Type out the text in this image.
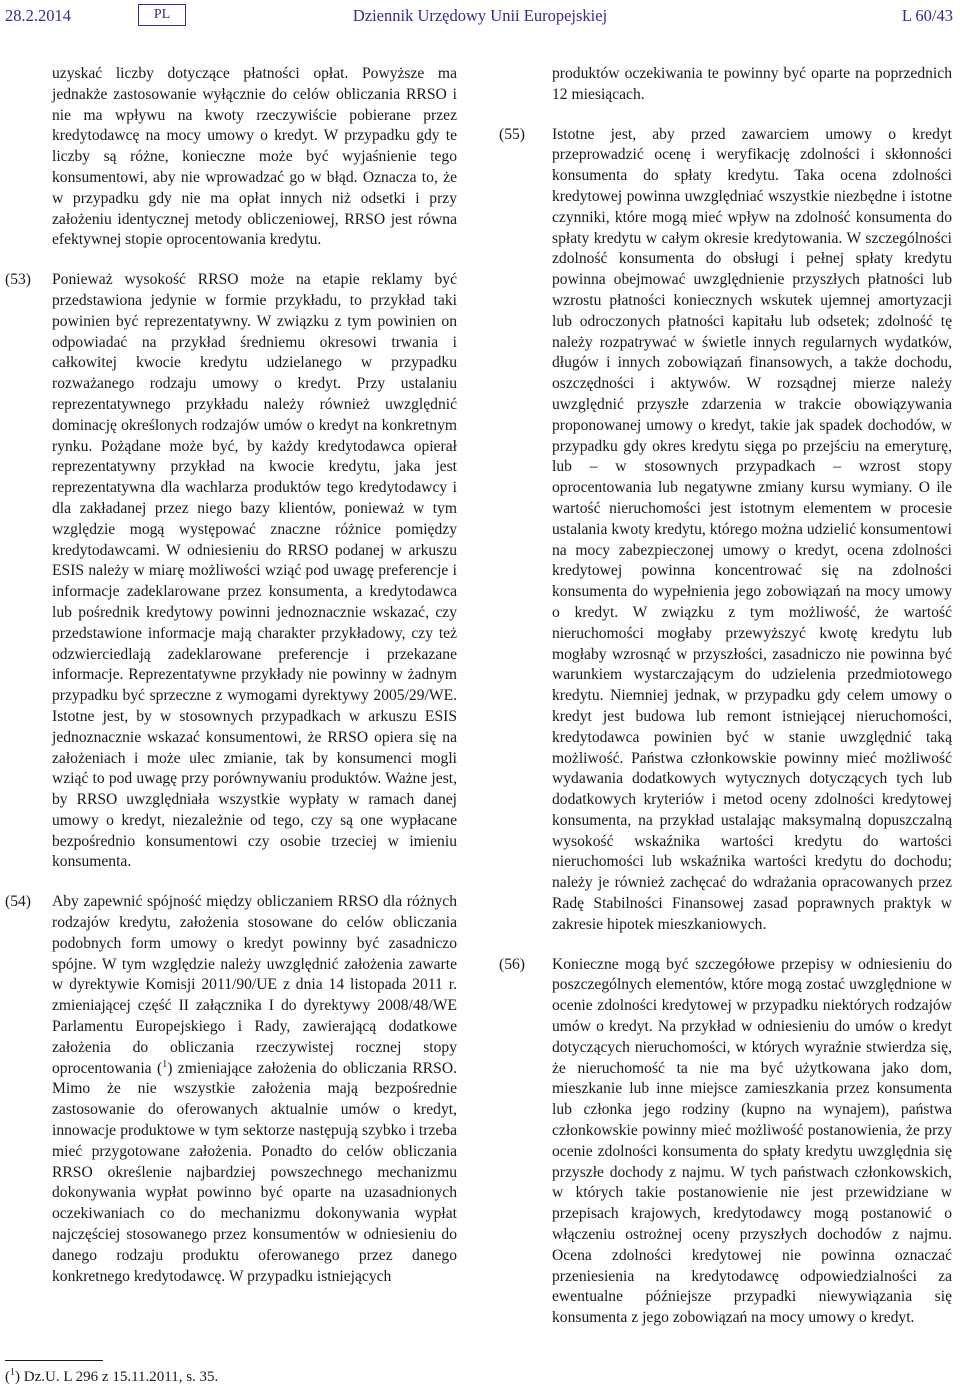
28.2.2014	PL	Dziennik Urzędowy Unii Europejskiej	L 60/43
uzyskać liczby dotyczące płatności opłat. Powyższe ma jednakże zastosowanie wyłącznie do celów obliczania RRSO i nie ma wpływu na kwoty rzeczywiście pobierane przez kredytodawcę na mocy umowy o kredyt. W przypadku gdy te liczby są różne, konieczne może być wyjaśnienie tego konsumentowi, aby nie wprowadzać go w błąd. Oznacza to, że w przypadku gdy nie ma opłat innych niż odsetki i przy założeniu identycznej metody obliczeniowej, RRSO jest równa efektywnej stopie oprocentowania kredytu.
(53) Ponieważ wysokość RRSO może na etapie reklamy być przedstawiona jedynie w formie przykładu, to przykład taki powinien być reprezentatywny. W związku z tym powinien on odpowiadać na przykład średniemu okresowi trwania i całkowitej kwocie kredytu udzielanego w przypadku rozważanego rodzaju umowy o kredyt. Przy ustalaniu reprezentatywnego przykładu należy również uwzględnić dominację określonych rodzajów umów o kredyt na konkretnym rynku. Pożądane może być, by każdy kredytodawca opierał reprezentatywny przykład na kwocie kredytu, jaka jest reprezentatywna dla wachlarza produktów tego kredytodawcy i dla zakładanej przez niego bazy klientów, ponieważ w tym względzie mogą występować znaczne różnice pomiędzy kredytodawcami. W odniesieniu do RRSO podanej w arkuszu ESIS należy w miarę możliwości wziąć pod uwagę preferencje i informacje zadeklarowane przez konsumenta, a kredytodawca lub pośrednik kredytowy powinni jednoznacznie wskazać, czy przedstawione informacje mają charakter przykładowy, czy też odzwierciedlają zadeklarowane preferencje i przekazane informacje. Reprezentatywne przykłady nie powinny w żadnym przypadku być sprzeczne z wymogami dyrektywy 2005/29/WE. Istotne jest, by w stosownych przypadkach w arkuszu ESIS jednoznacznie wskazać konsumentowi, że RRSO opiera się na założeniach i może ulec zmianie, tak by konsumenci mogli wziąć to pod uwagę przy porównywaniu produktów. Ważne jest, by RRSO uwzględniała wszystkie wypłaty w ramach danej umowy o kredyt, niezależnie od tego, czy są one wypłacane bezpośrednio konsumentowi czy osobie trzeciej w imieniu konsumenta.
(54) Aby zapewnić spójność między obliczaniem RRSO dla różnych rodzajów kredytu, założenia stosowane do celów obliczania podobnych form umowy o kredyt powinny być zasadniczo spójne. W tym względzie należy uwzględnić założenia zawarte w dyrektywie Komisji 2011/90/UE z dnia 14 listopada 2011 r. zmieniającej część II załącznika I do dyrektywy 2008/48/WE Parlamentu Europejskiego i Rady, zawierającą dodatkowe założenia do obliczania rzeczywistej rocznej stopy oprocentowania ($^1$) zmieniające założenia do obliczania RRSO. Mimo że nie wszystkie założenia mają bezpośrednie zastosowanie do oferowanych aktualnie umów o kredyt, innowacje produktowe w tym sektorze następują szybko i trzeba mieć przygotowane założenia. Ponadto do celów obliczania RRSO określenie najbardziej powszechnego mechanizmu dokonywania wypłat powinno być oparte na uzasadnionych oczekiwaniach co do mechanizmu dokonywania wypłat najczęściej stosowanego przez konsumentów w odniesieniu do danego rodzaju produktu oferowanego przez danego konkretnego kredytodawcę. W przypadku istniejących
produktów oczekiwania te powinny być oparte na poprzednich 12 miesiącach.
(55) Istotne jest, aby przed zawarciem umowy o kredyt przeprowadzić ocenę i weryfikację zdolności i skłonności konsumenta do spłaty kredytu. Taka ocena zdolności kredytowej powinna uwzględniać wszystkie niezbędne i istotne czynniki, które mogą mieć wpływ na zdolność konsumenta do spłaty kredytu w całym okresie kredytowania. W szczególności zdolność konsumenta do obsługi i pełnej spłaty kredytu powinna obejmować uwzględnienie przyszłych płatności lub wzrostu płatności koniecznych wskutek ujemnej amortyzacji lub odroczonych płatności kapitału lub odsetek; zdolność tę należy rozpatrywać w świetle innych regularnych wydatków, długów i innych zobowiązań finansowych, a także dochodu, oszczędności i aktywów. W rozsądnej mierze należy uwzględnić przyszłe zdarzenia w trakcie obowiązywania proponowanej umowy o kredyt, takie jak spadek dochodów, w przypadku gdy okres kredytu sięga po przejściu na emeryturę, lub – w stosownych przypadkach – wzrost stopy oprocentowania lub negatywne zmiany kursu wymiany. O ile wartość nieruchomości jest istotnym elementem w procesie ustalania kwoty kredytu, którego można udzielić konsumentowi na mocy zabezpieczonej umowy o kredyt, ocena zdolności kredytowej powinna koncentrować się na zdolności konsumenta do wypełnienia jego zobowiązań na mocy umowy o kredyt. W związku z tym możliwość, że wartość nieruchomości mogłaby przewyższyć kwotę kredytu lub mogłaby wzrosnąć w przyszłości, zasadniczo nie powinna być warunkiem wystarczającym do udzielenia przedmiotowego kredytu. Niemniej jednak, w przypadku gdy celem umowy o kredyt jest budowa lub remont istniejącej nieruchomości, kredytodawca powinien być w stanie uwzględnić taką możliwość. Państwa członkowskie powinny mieć możliwość wydawania dodatkowych wytycznych dotyczących tych lub dodatkowych kryteriów i metod oceny zdolności kredytowej konsumenta, na przykład ustalając maksymalną dopuszczalną wysokość wskaźnika wartości kredytu do wartości nieruchomości lub wskaźnika wartości kredytu do dochodu; należy je również zachęcać do wdrażania opracowanych przez Radę Stabilności Finansowej zasad poprawnych praktyk w zakresie hipotek mieszkaniowych.
(56) Konieczne mogą być szczegółowe przepisy w odniesieniu do poszczególnych elementów, które mogą zostać uwzględnione w ocenie zdolności kredytowej w przypadku niektórych rodzajów umów o kredyt. Na przykład w odniesieniu do umów o kredyt dotyczących nieruchomości, w których wyraźnie stwierdza się, że nieruchomość ta nie ma być użytkowana jako dom, mieszkanie lub inne miejsce zamieszkania przez konsumenta lub członka jego rodziny (kupno na wynajem), państwa członkowskie powinny mieć możliwość postanowienia, że przy ocenie zdolności konsumenta do spłaty kredytu uwzględnia się przyszłe dochody z najmu. W tych państwach członkowskich, w których takie postanowienie nie jest przewidziane w przepisach krajowych, kredytodawcy mogą postanowić o włączeniu ostrożnej oceny przyszłych dochodów z najmu. Ocena zdolności kredytowej nie powinna oznaczać przeniesienia na kredytodawcę odpowiedzialności za ewentualne późniejsze przypadki niewywiązania się konsumenta z jego zobowiązań na mocy umowy o kredyt.
($^1$) Dz.U. L 296 z 15.11.2011, s. 35.
